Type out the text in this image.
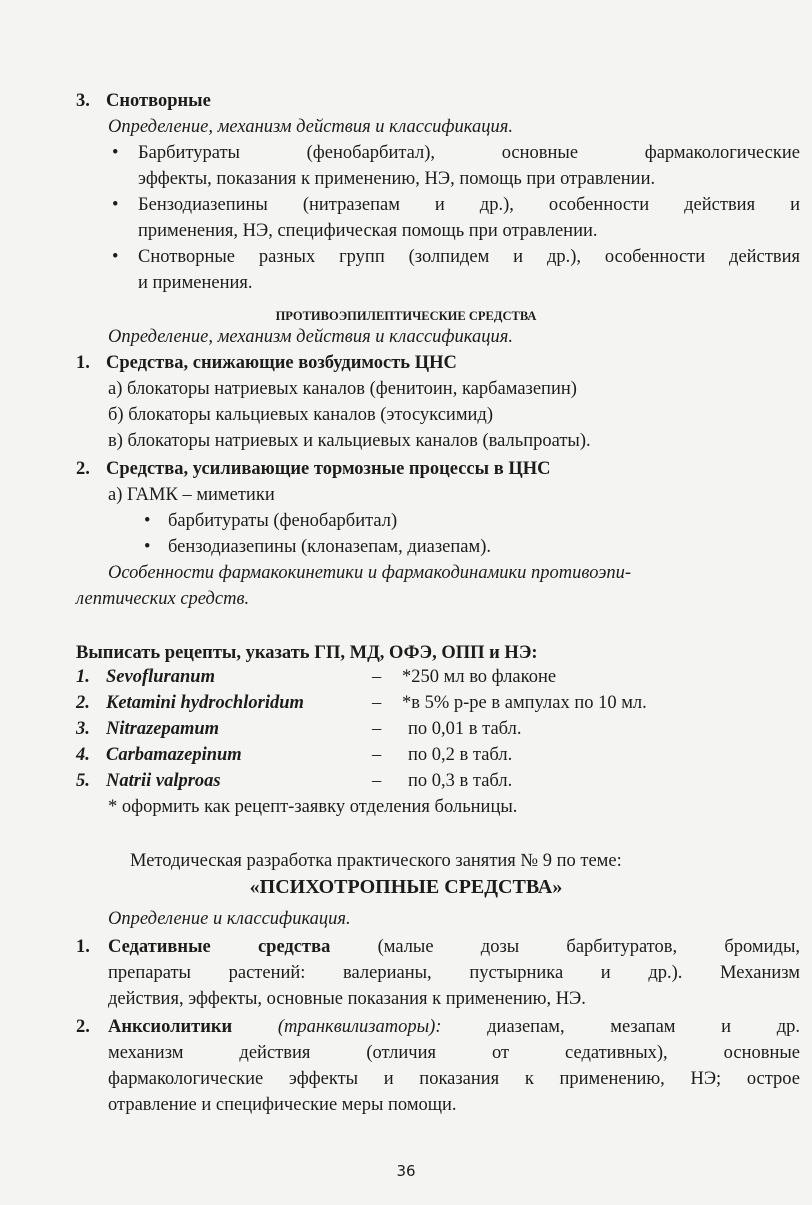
3. Снотворные
Определение, механизм действия и классификация.
• Барбитураты (фенобарбитал), основные фармакологические
эффекты, показания к применению, НЭ, помощь при отравлении.
• Бензодиазепины (нитразепам и др.), особенности действия и
применения, НЭ, специфическая помощь при отравлении.
• Снотворные разных групп (золпидем и др.), особенности действия
и применения.
ПРОТИВОЭПИЛЕПТИЧЕСКИЕ СРЕДСТВА
Определение, механизм действия и классификация.
1. Средства, снижающие возбудимость ЦНС
а) блокаторы натриевых каналов (фенитоин, карбамазепин)
б) блокаторы кальциевых каналов (этосуксимид)
в) блокаторы натриевых и кальциевых каналов (вальпроаты).
2. Средства, усиливающие тормозные процессы в ЦНС
а) ГАМК – миметики
• барбитураты (фенобарбитал)
• бензодиазепины (клоназепам, диазепам).
Особенности фармакокинетики и фармакодинамики противоэпи-
лептических средств.
Выписать рецепты, указать ГП, МД, ОФЭ, ОПП и НЭ:
1. Sevofluranum	– *250 мл во флаконе
2. Ketamini hydrochloridum	– *в 5% р-ре в ампулах по 10 мл.
3. Nitrazepamum	– по 0,01 в табл.
4. Carbamazepinum	– по 0,2 в табл.
5. Natrii valproas	– по 0,3 в табл.
* оформить как рецепт-заявку отделения больницы.
Методическая разработка практического занятия № 9 по теме:
«ПСИХОТРОПНЫЕ СРЕДСТВА»
Определение и классификация.
1. Седативные средства (малые дозы барбитуратов, бромиды,
препараты растений: валерианы, пустырника и др.). Механизм
действия, эффекты, основные показания к применению, НЭ.
2. Анксиолитики (транквилизаторы): диазепам, мезапам и др.
механизм действия (отличия от седативных), основные
фармакологические эффекты и показания к применению, НЭ; острое
отравление и специфические меры помощи.
36
